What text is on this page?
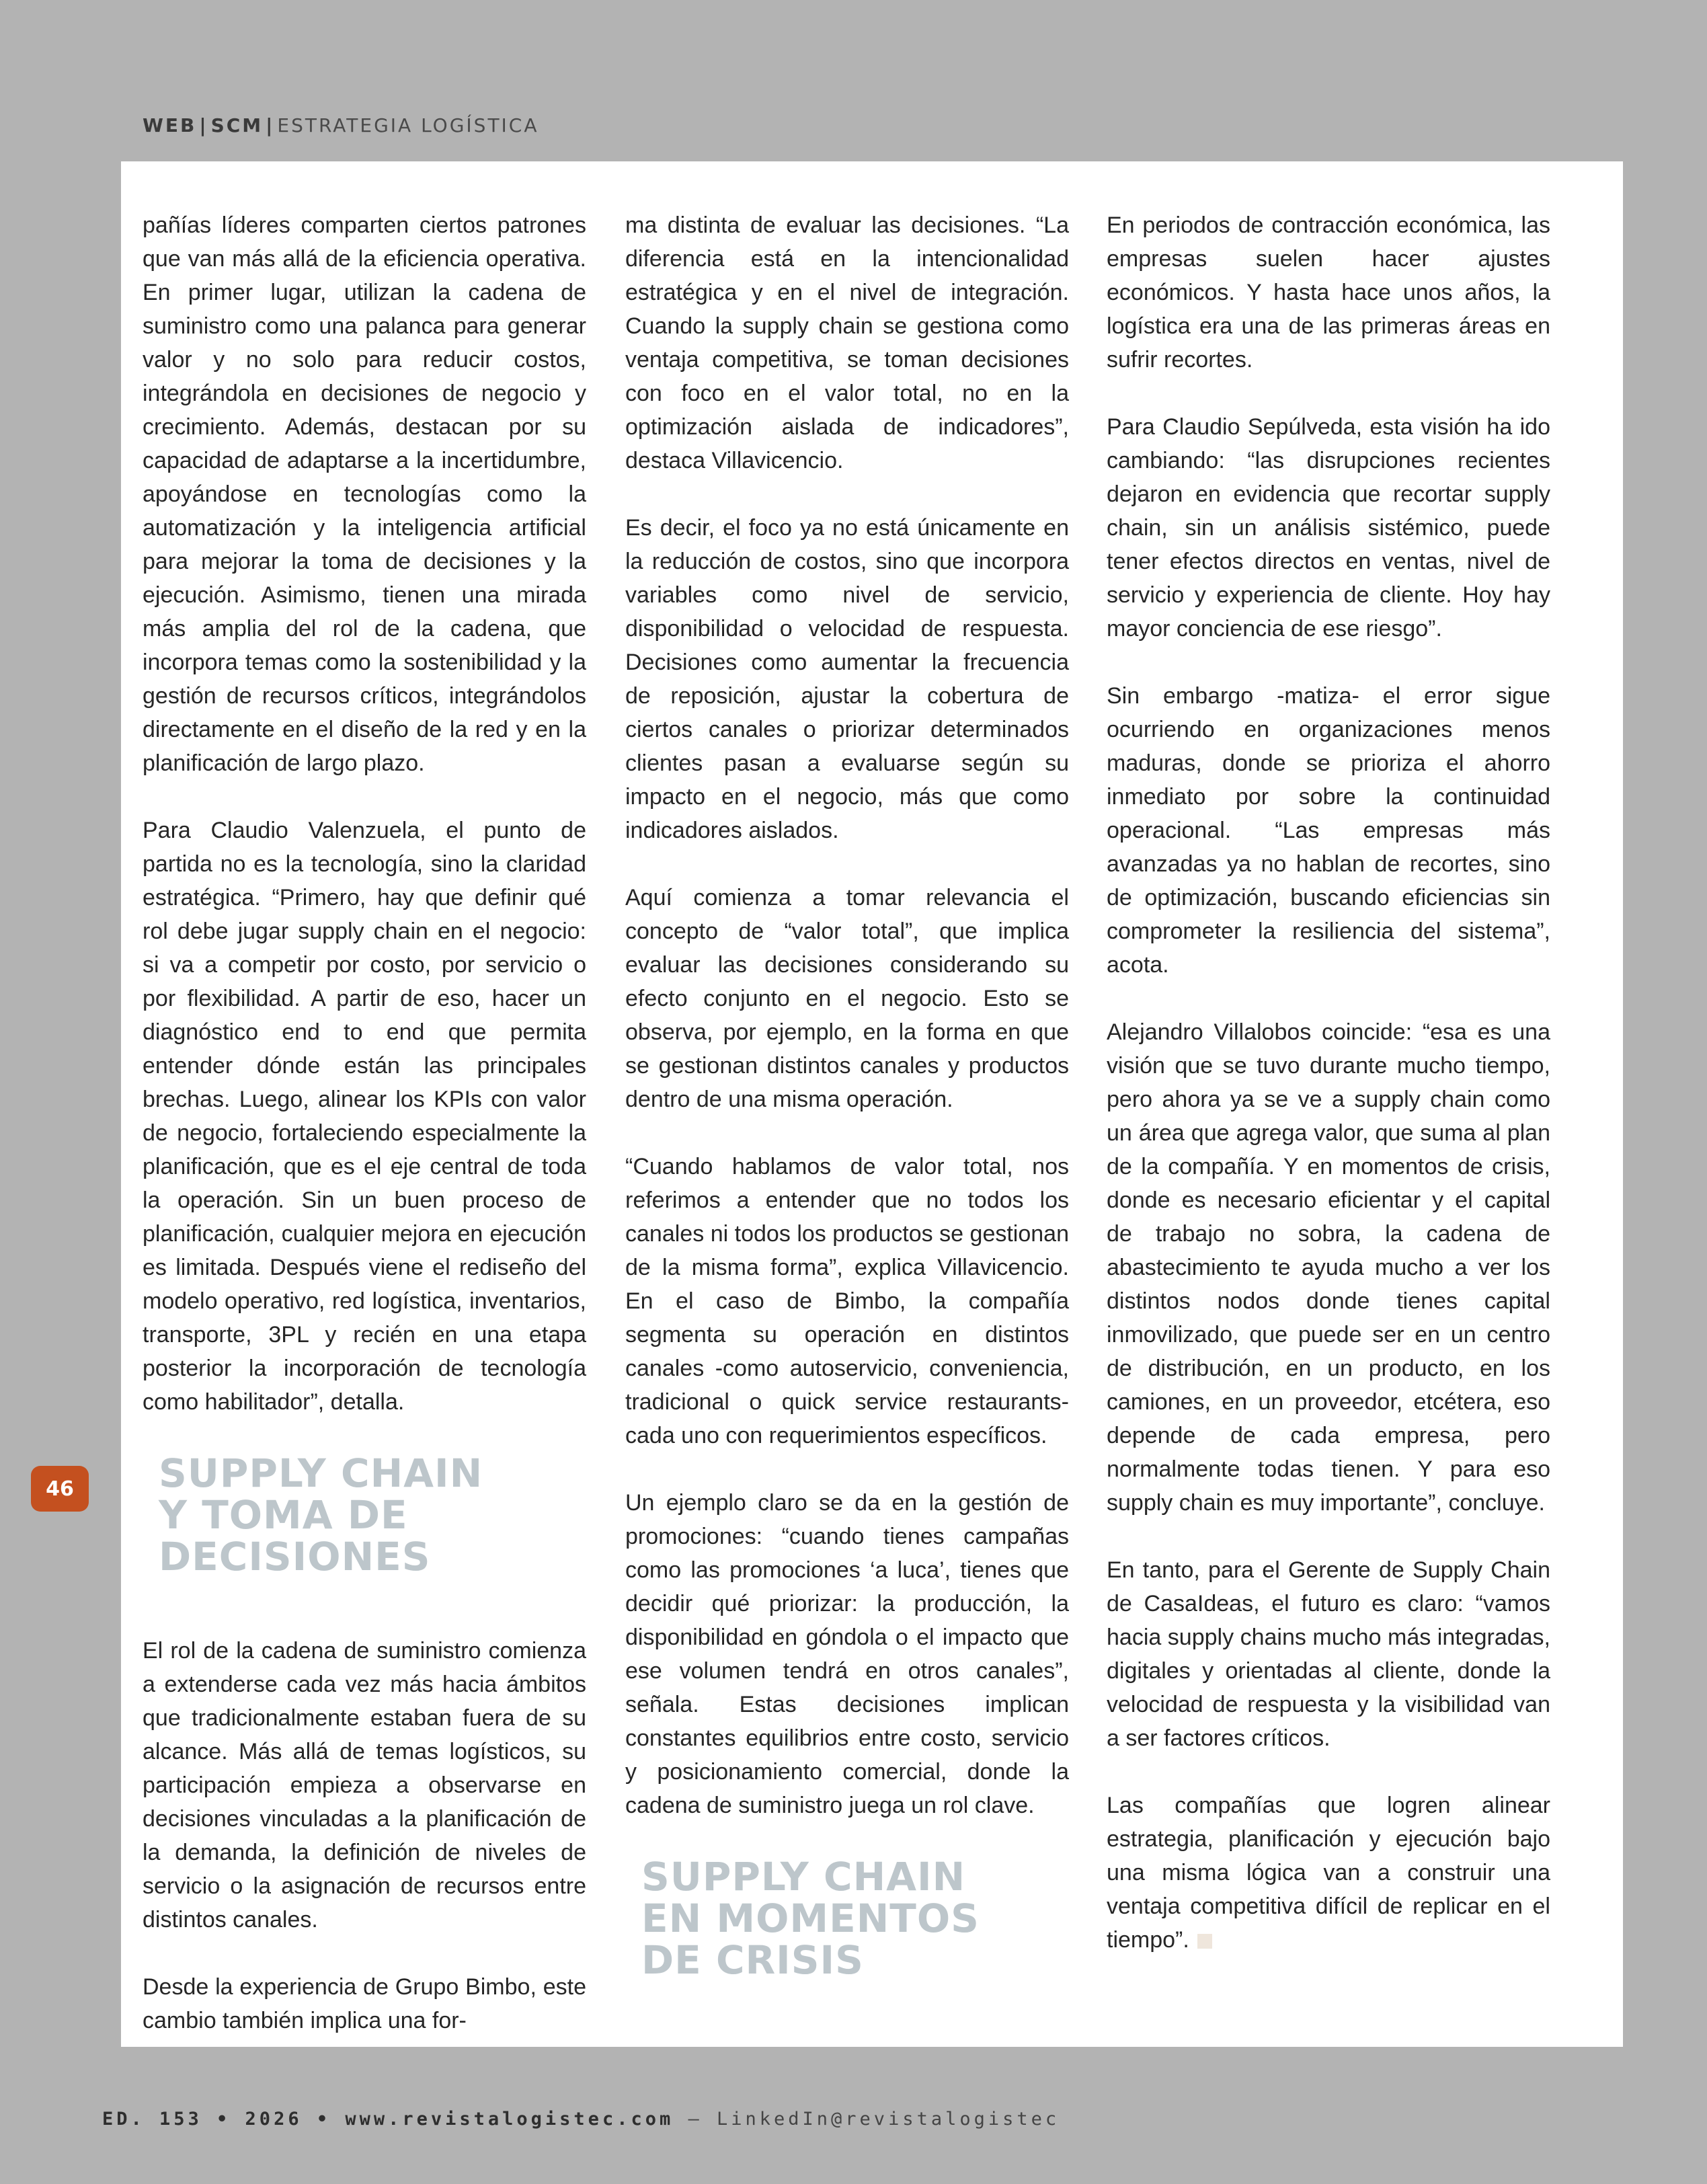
WEB | SCM | ESTRATEGIA LOGÍSTICA

pañías líderes comparten ciertos patrones que van más allá de la eficiencia operativa. En primer lugar, utilizan la cadena de suministro como una palanca para generar valor y no solo para reducir costos, integrándola en decisiones de negocio y crecimiento. Además, destacan por su capacidad de adaptarse a la incertidumbre, apoyándose en tecnologías como la automatización y la inteligencia artificial para mejorar la toma de decisiones y la ejecución. Asimismo, tienen una mirada más amplia del rol de la cadena, que incorpora temas como la sostenibilidad y la gestión de recursos críticos, integrándolos directamente en el diseño de la red y en la planificación de largo plazo.

Para Claudio Valenzuela, el punto de partida no es la tecnología, sino la claridad estratégica. “Primero, hay que definir qué rol debe jugar supply chain en el negocio: si va a competir por costo, por servicio o por flexibilidad. A partir de eso, hacer un diagnóstico end to end que permita entender dónde están las principales brechas. Luego, alinear los KPIs con valor de negocio, fortaleciendo especialmente la planificación, que es el eje central de toda la operación. Sin un buen proceso de planificación, cualquier mejora en ejecución es limitada. Después viene el rediseño del modelo operativo, red logística, inventarios, transporte, 3PL y recién en una etapa posterior la incorporación de tecnología como habilitador”, detalla.

SUPPLY CHAIN
Y TOMA DE
DECISIONES

El rol de la cadena de suministro comienza a extenderse cada vez más hacia ámbitos que tradicionalmente estaban fuera de su alcance. Más allá de temas logísticos, su participación empieza a observarse en decisiones vinculadas a la planificación de la demanda, la definición de niveles de servicio o la asignación de recursos entre distintos canales.

Desde la experiencia de Grupo Bimbo, este cambio también implica una for-

ma distinta de evaluar las decisiones. “La diferencia está en la intencionalidad estratégica y en el nivel de integración. Cuando la supply chain se gestiona como ventaja competitiva, se toman decisiones con foco en el valor total, no en la optimización aislada de indicadores”, destaca Villavicencio.

Es decir, el foco ya no está únicamente en la reducción de costos, sino que incorpora variables como nivel de servicio, disponibilidad o velocidad de respuesta. Decisiones como aumentar la frecuencia de reposición, ajustar la cobertura de ciertos canales o priorizar determinados clientes pasan a evaluarse según su impacto en el negocio, más que como indicadores aislados.

Aquí comienza a tomar relevancia el concepto de “valor total”, que implica evaluar las decisiones considerando su efecto conjunto en el negocio. Esto se observa, por ejemplo, en la forma en que se gestionan distintos canales y productos dentro de una misma operación.

“Cuando hablamos de valor total, nos referimos a entender que no todos los canales ni todos los productos se gestionan de la misma forma”, explica Villavicencio. En el caso de Bimbo, la compañía segmenta su operación en distintos canales -como autoservicio, conveniencia, tradicional o quick service restaurants- cada uno con requerimientos específicos.

Un ejemplo claro se da en la gestión de promociones: “cuando tienes campañas como las promociones ‘a luca’, tienes que decidir qué priorizar: la producción, la disponibilidad en góndola o el impacto que ese volumen tendrá en otros canales”, señala. Estas decisiones implican constantes equilibrios entre costo, servicio y posicionamiento comercial, donde la cadena de suministro juega un rol clave.

SUPPLY CHAIN
EN MOMENTOS
DE CRISIS

En periodos de contracción económica, las empresas suelen hacer ajustes económicos. Y hasta hace unos años, la logística era una de las primeras áreas en sufrir recortes.

Para Claudio Sepúlveda, esta visión ha ido cambiando: “las disrupciones recientes dejaron en evidencia que recortar supply chain, sin un análisis sistémico, puede tener efectos directos en ventas, nivel de servicio y experiencia de cliente. Hoy hay mayor conciencia de ese riesgo”.

Sin embargo -matiza- el error sigue ocurriendo en organizaciones menos maduras, donde se prioriza el ahorro inmediato por sobre la continuidad operacional. “Las empresas más avanzadas ya no hablan de recortes, sino de optimización, buscando eficiencias sin comprometer la resiliencia del sistema”, acota.

Alejandro Villalobos coincide: “esa es una visión que se tuvo durante mucho tiempo, pero ahora ya se ve a supply chain como un área que agrega valor, que suma al plan de la compañía. Y en momentos de crisis, donde es necesario eficientar y el capital de trabajo no sobra, la cadena de abastecimiento te ayuda mucho a ver los distintos nodos donde tienes capital inmovilizado, que puede ser en un centro de distribución, en un producto, en los camiones, en un proveedor, etcétera, eso depende de cada empresa, pero normalmente todas tienen. Y para eso supply chain es muy importante”, concluye.

En tanto, para el Gerente de Supply Chain de CasaIdeas, el futuro es claro: “vamos hacia supply chains mucho más integradas, digitales y orientadas al cliente, donde la velocidad de respuesta y la visibilidad van a ser factores críticos.

Las compañías que logren alinear estrategia, planificación y ejecución bajo una misma lógica van a construir una ventaja competitiva difícil de replicar en el tiempo”.

46
ED. 153 • 2026 • www.revistalogistec.com – LinkedIn@revistalogistec
